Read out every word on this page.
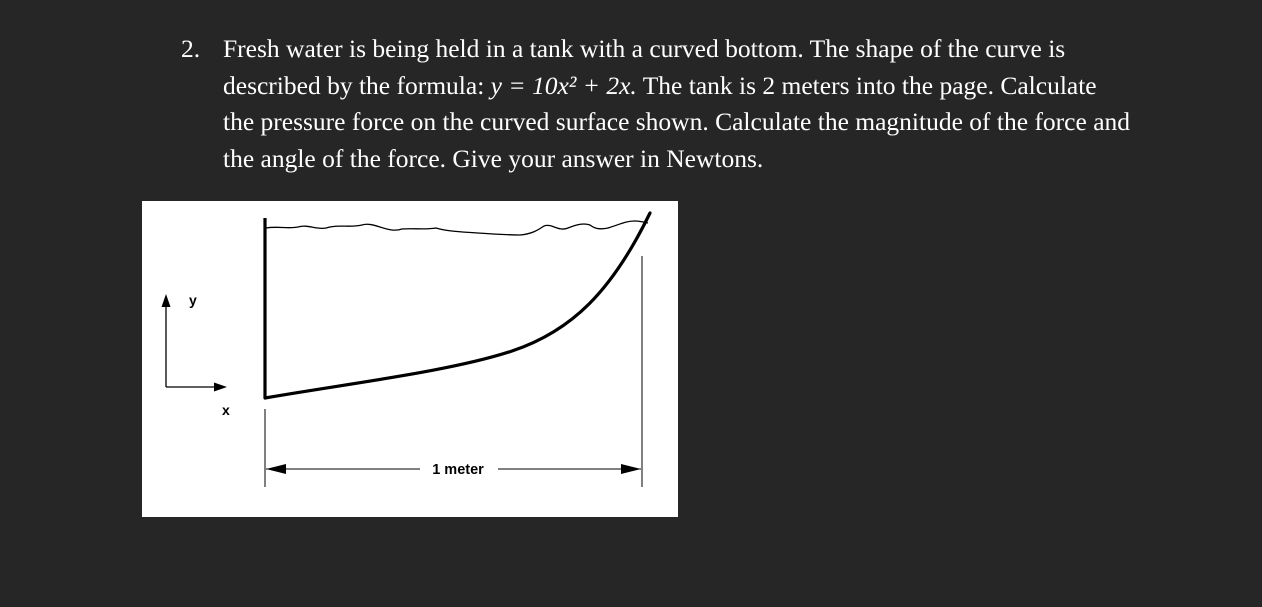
2. Fresh water is being held in a tank with a curved bottom. The shape of the curve is
described by the formula: y = 10x² + 2x. The tank is 2 meters into the page. Calculate
the pressure force on the curved surface shown. Calculate the magnitude of the force and
the angle of the force. Give your answer in Newtons.
y
x
1 meter
